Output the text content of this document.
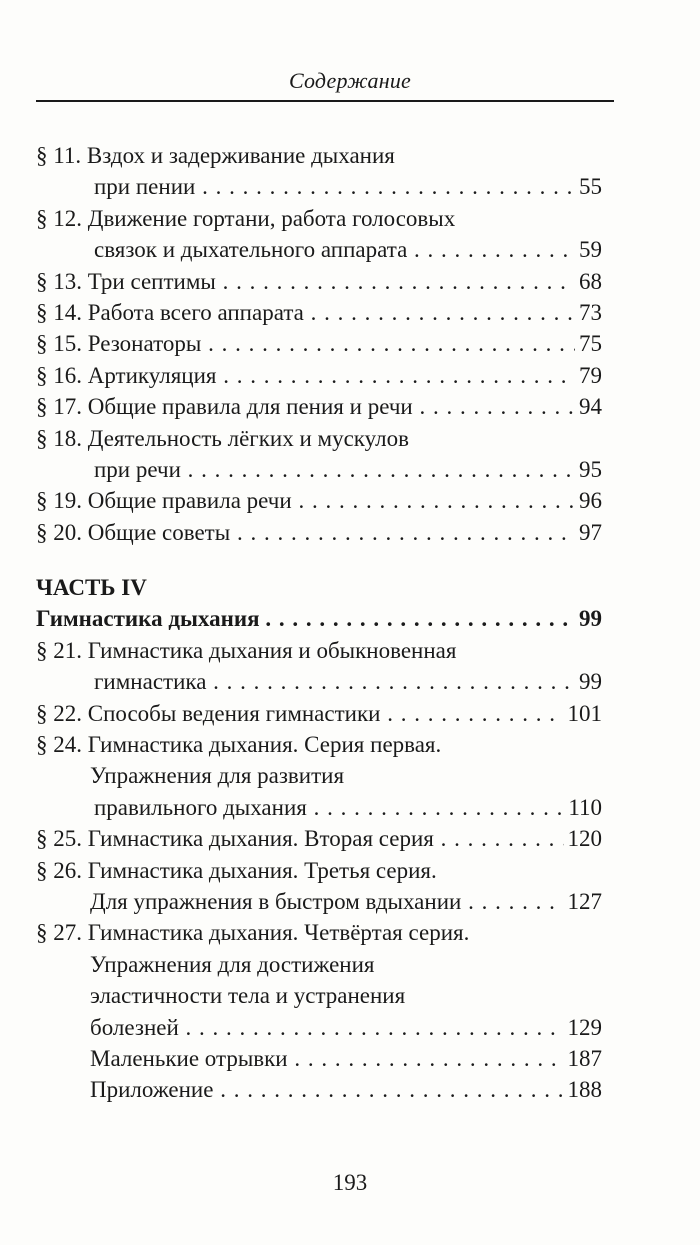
Содержание
§ 11. Вздох и задерживание дыхания
при пении	55
. . .
§ 12. Движение гортани, работа голосовых
связок и дыхательного аппарата	59
. . .
§ 13. Три септимы	68
. . .
§ 14. Работа всего аппарата	73
. . .
§ 15. Резонаторы	75
. . .
§ 16. Артикуляция	79
. . .
§ 17. Общие правила для пения и речи	94
. . .
§ 18. Деятельность лёгких и мускулов
при речи	95
. . .
§ 19. Общие правила речи	96
. . .
§ 20. Общие советы	97
. . .
ЧАСТЬ IV
Гимнастика дыхания	99
. . .
§ 21. Гимнастика дыхания и обыкновенная
гимнастика	99
. . .
§ 22. Способы ведения гимнастики	101
. . .
§ 24. Гимнастика дыхания. Серия первая.
Упражнения для развития
правильного дыхания	110
. . .
§ 25. Гимнастика дыхания. Вторая серия	120
. . .
§ 26. Гимнастика дыхания. Третья серия.
Для упражнения в быстром вдыхании	127
. . .
§ 27. Гимнастика дыхания. Четвёртая серия.
Упражнения для достижения
эластичности тела и устранения
болезней	129
. . .
Маленькие отрывки	187
. . .
Приложение	188
. . .
193
